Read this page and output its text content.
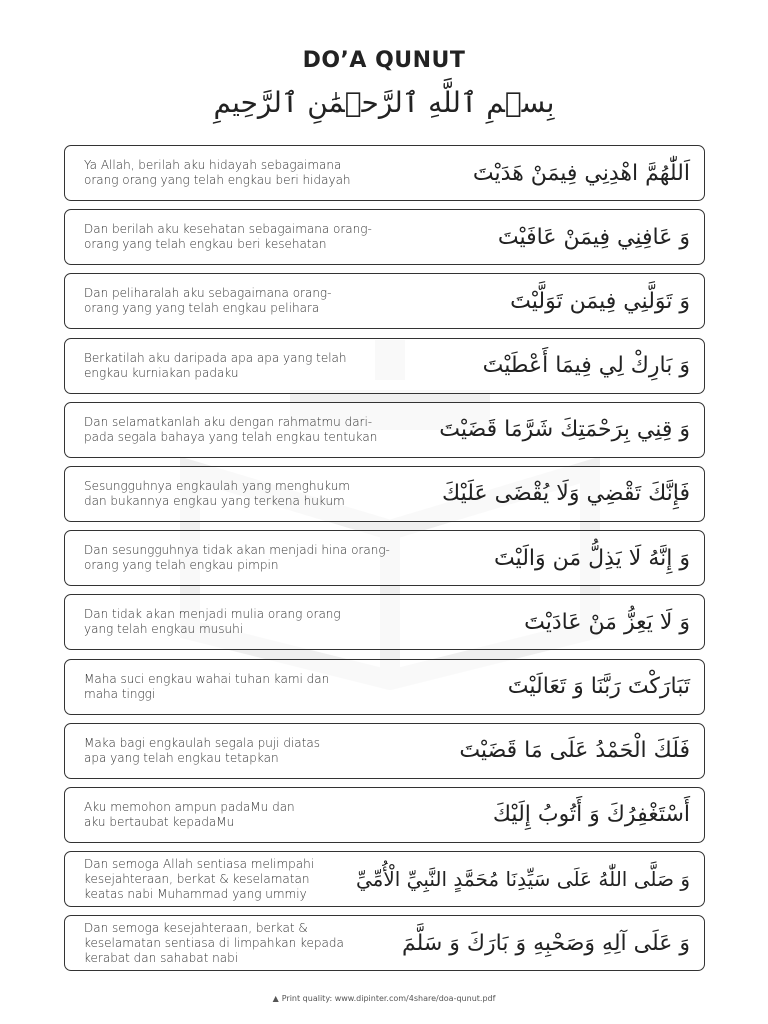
DO’A QUNUT
بِسۡمِ ٱللَّهِ ٱلرَّحۡمَٰنِ ٱلرَّحِيمِ
Ya Allah, berilah aku hidayah sebagaimana
orang orang yang telah engkau beri hidayah	اَللّٰهُمَّ اهْدِنِي فِيمَنْ هَدَيْتَ
Dan berilah aku kesehatan sebagaimana orang-
orang yang telah engkau beri kesehatan	وَ عَافِنِي فِيمَنْ عَافَيْتَ
Dan peliharalah aku sebagaimana orang-
orang yang yang telah engkau pelihara	وَ تَوَلَّنِي فِيمَن تَوَلَّيْتَ
Berkatilah aku daripada apa apa yang telah
engkau kurniakan padaku	وَ بَارِكْ لِي فِيمَا أَعْطَيْتَ
Dan selamatkanlah aku dengan rahmatmu dari-
pada segala bahaya yang telah engkau tentukan	وَ قِنِي بِرَحْمَتِكَ شَرَّمَا قَضَيْتَ
Sesungguhnya engkaulah yang menghukum
dan bukannya engkau yang terkena hukum	فَإِنَّكَ تَقْضِي وَلَا يُقْضَى عَلَيْكَ
Dan sesungguhnya tidak akan menjadi hina orang-
orang yang telah engkau pimpin	وَ إِنَّهُ لَا يَذِلُّ مَن وَالَيْتَ
Dan tidak akan menjadi mulia orang orang
yang telah engkau musuhi	وَ لَا يَعِزُّ مَنْ عَادَيْتَ
Maha suci engkau wahai tuhan kami dan
maha tinggi	تَبَارَكْتَ رَبَّنَا وَ تَعَالَيْتَ
Maka bagi engkaulah segala puji diatas
apa yang telah engkau tetapkan	فَلَكَ الْحَمْدُ عَلَى مَا قَضَيْتَ
Aku memohon ampun padaMu dan
aku bertaubat kepadaMu	أَسْتَغْفِرُكَ وَ أَتُوبُ إِلَيْكَ
Dan semoga Allah sentiasa melimpahi
kesejahteraan, berkat & keselamatan
keatas nabi Muhammad yang ummiy
وَ صَلَّى اللّٰهُ عَلَى سَيِّدِنَا مُحَمَّدٍ النَّبِيِّ الْأُمِّيِّ
Dan semoga kesejahteraan, berkat &
keselamatan sentiasa di limpahkan kepada
kerabat dan sahabat nabi
وَ عَلَى آلِهِ وَصَحْبِهِ وَ بَارَكَ وَ سَلَّمَ
▲ Print quality: www.dipinter.com/4share/doa-qunut.pdf
